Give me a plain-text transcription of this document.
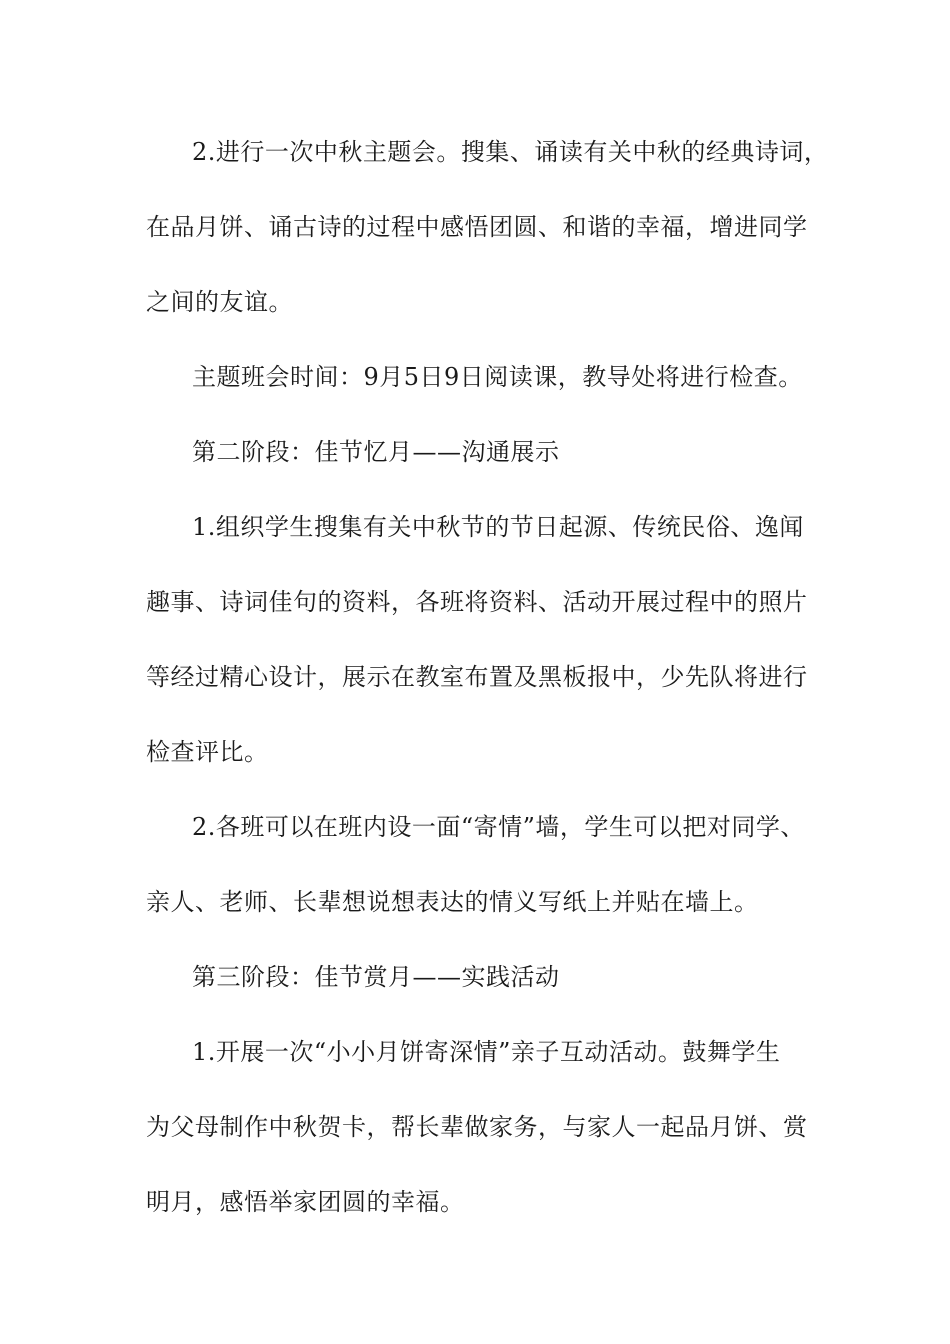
2.进行一次中秋主题会。搜集、诵读有关中秋的经典诗词，
在品月饼、诵古诗的过程中感悟团圆、和谐的幸福，增进同学
之间的友谊。
主题班会时间：9月5日9日阅读课，教导处将进行检查。
第二阶段：佳节忆月——沟通展示
1.组织学生搜集有关中秋节的节日起源、传统民俗、逸闻
趣事、诗词佳句的资料，各班将资料、活动开展过程中的照片
等经过精心设计，展示在教室布置及黑板报中，少先队将进行
检查评比。
2.各班可以在班内设一面“寄情”墙，学生可以把对同学、
亲人、老师、长辈想说想表达的情义写纸上并贴在墙上。
第三阶段：佳节赏月——实践活动
1.开展一次“小小月饼寄深情”亲子互动活动。鼓舞学生
为父母制作中秋贺卡，帮长辈做家务，与家人一起品月饼、赏
明月，感悟举家团圆的幸福。
